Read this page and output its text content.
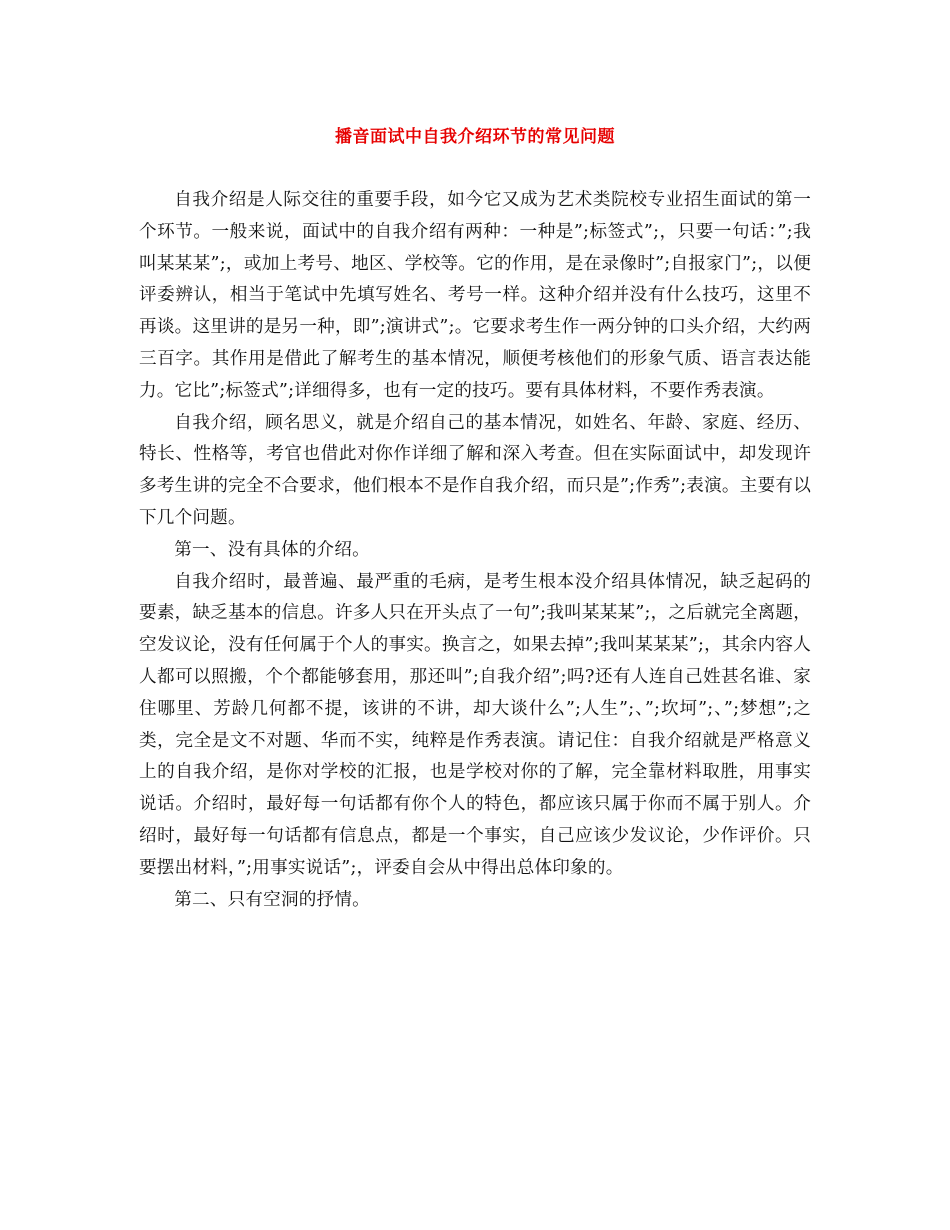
播音面试中自我介绍环节的常见问题

自我介绍是人际交往的重要手段，如今它又成为艺术类院校专业招生面试的第一个环节。一般来说，面试中的自我介绍有两种：一种是”;标签式”;，只要一句话：”;我叫某某某”;，或加上考号、地区、学校等。它的作用，是在录像时”;自报家门”;，以便评委辨认，相当于笔试中先填写姓名、考号一样。这种介绍并没有什么技巧，这里不再谈。这里讲的是另一种，即”;演讲式”;。它要求考生作一两分钟的口头介绍，大约两三百字。其作用是借此了解考生的基本情况，顺便考核他们的形象气质、语言表达能力。它比”;标签式”;详细得多，也有一定的技巧。要有具体材料，不要作秀表演。

自我介绍，顾名思义，就是介绍自己的基本情况，如姓名、年龄、家庭、经历、特长、性格等，考官也借此对你作详细了解和深入考查。但在实际面试中，却发现许多考生讲的完全不合要求，他们根本不是作自我介绍，而只是”;作秀”;表演。主要有以下几个问题。

第一、没有具体的介绍。

自我介绍时，最普遍、最严重的毛病，是考生根本没介绍具体情况，缺乏起码的要素，缺乏基本的信息。许多人只在开头点了一句”;我叫某某某”;，之后就完全离题，空发议论，没有任何属于个人的事实。换言之，如果去掉”;我叫某某某”;，其余内容人人都可以照搬，个个都能够套用，那还叫”;自我介绍”;吗?还有人连自己姓甚名谁、家住哪里、芳龄几何都不提，该讲的不讲，却大谈什么”;人生”;、”;坎坷”;、”;梦想”;之类，完全是文不对题、华而不实，纯粹是作秀表演。请记住：自我介绍就是严格意义上的自我介绍，是你对学校的汇报，也是学校对你的了解，完全靠材料取胜，用事实说话。介绍时，最好每一句话都有你个人的特色，都应该只属于你而不属于别人。介绍时，最好每一句话都有信息点，都是一个事实，自己应该少发议论，少作评价。只要摆出材料，”;用事实说话”;，评委自会从中得出总体印象的。

第二、只有空洞的抒情。
